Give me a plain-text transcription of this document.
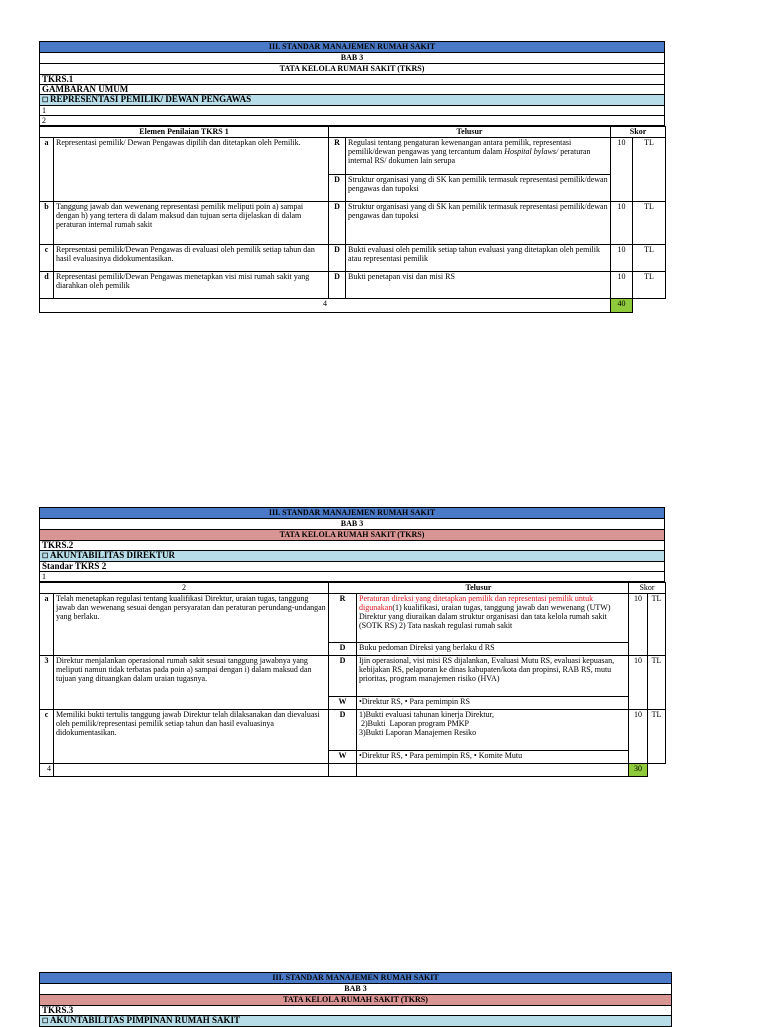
III. STANDAR MANAJEMEN RUMAH SAKIT
BAB 3
TATA KELOLA RUMAH SAKIT (TKRS)
TKRS.1
GAMBARAN UMUM
☐ REPRESENTASI PEMILIK/ DEWAN PENGAWAS
1
2
Elemen Penilaian TKRS 1		Telusur		Skor	
a	Representasi pemilik/ Dewan Pengawas dipilih dan ditetapkan oleh Pemilik.	R	Regulasi tentang pengaturan kewenangan antara pemilik, representasi pemilik/dewan pengawas yang tercantum dalam Hospital bylaws/ peraturan internal RS/ dokumen lain serupa	10	TL
		D	Struktur organisasi yang di SK kan pemilik termasuk representasi pemilik/dewan pengawas dan tupoksi		
b	Tanggung jawab dan wewenang representasi pemilik meliputi poin a) sampai dengan h) yang tertera di dalam maksud dan tujuan serta dijelaskan di dalam peraturan internal rumah sakit	D	Struktur organisasi yang di SK kan pemilik termasuk representasi pemilik/dewan pengawas dan tupoksi	10	TL
c	Representasi pemilik/Dewan Pengawas di evaluasi oleh pemilik setiap tahun dan hasil evaluasinya didokumentasikan.	D	Bukti evaluasi oleh pemilik setiap tahun evaluasi yang ditetapkan oleh pemilik atau representasi pemilik	10	TL
d	Representasi pemilik/Dewan Pengawas menetapkan visi misi rumah sakit yang diarahkan oleh pemilik	D	Bukti penetapan visi dan misi RS	10	TL
4				40	
III. STANDAR MANAJEMEN RUMAH SAKIT
BAB 3
TATA KELOLA RUMAH SAKIT (TKRS)
TKRS.2
☐ AKUNTABILITAS DIREKTUR
Standar TKRS 2
1
2		Telusur		Skor	
a	Telah menetapkan regulasi tentang kualifikasi Direktur, uraian tugas, tanggung jawab dan wewenang sesuai dengan persyaratan dan peraturan perundang-undangan yang berlaku.	R	Peraturan direksi yang ditetapkan pemilik dan representasi pemilik untuk digunakan(1) kualifikasi, uraian tugas, tanggung jawab dan wewenang (UTW) Direktur yang diuraikan dalam struktur organisasi dan tata kelola rumah sakit (SOTK RS) 2) Tata naskah regulasi rumah sakit	10	TL
		D	Buku pedoman Direksi yang berlaku d RS		
3	Direktur menjalankan operasional rumah sakit sesuai tanggung jawabnya yang meliputi namun tidak terbatas pada poin a) sampai dengan i) dalam maksud dan tujuan yang dituangkan dalam uraian tugasnya.	D	Ijin operasional, visi misi RS dijalankan, Evaluasi Mutu RS, evaluasi kepuasan, kebijakan RS, pelaporan ke dinas kabupaten/kota dan propinsi, RAB RS, mutu prioritas, program manajemen risiko (HVA)	10	TL
		W	•Direktur RS, • Para pemimpin RS		
c	Memiliki bukti tertulis tanggung jawab Direktur telah dilaksanakan dan dievaluasi oleh pemilik/representasi pemilik setiap tahun dan hasil evaluasinya didokumentasikan.	D	1)Bukti evaluasi tahunan kinerja Direktur,
2)Bukti  Laporan program PMKP
3)Bukti Laporan Manajemen Resiko	10	TL
		W	•Direktur RS, • Para pemimpin RS, • Komite Mutu		
4				30	
III. STANDAR MANAJEMEN RUMAH SAKIT
BAB 3
TATA KELOLA RUMAH SAKIT (TKRS)
TKRS.3
☐ AKUNTABILITAS PIMPINAN RUMAH SAKIT
